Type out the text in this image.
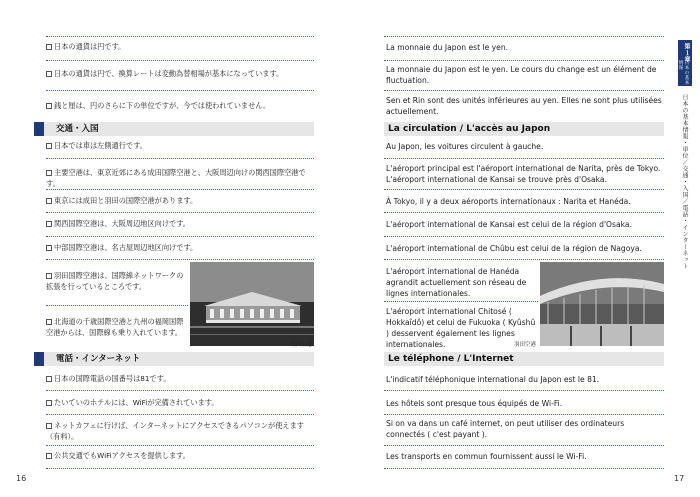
日本の通貨は円です。
日本の通貨は円で、換算レートは変動為替相場が基本になっています。
銭と厘は、円のさらに下の単位ですが、今では使われていません。
交通・入国
日本では車は左側通行です。
主要空港は、東京近郊にある成田国際空港と、大阪周辺向けの関西国際空港です。
東京には成田と羽田の国際空港があります。
関西国際空港は、大阪周辺地区向けです。
中部国際空港は、名古屋周辺地区向けです。
羽田国際空港は、国際線ネットワークの拡張を行っているところです。
北海道の千歳国際空港と九州の福岡国際空港からは、国際線も乗り入れています。
成田空港
電話・インターネット
日本の国際電話の国番号は81です。
たいていのホテルには、WiFiが完備されています。
ネットカフェに行けば、インターネットにアクセスできるパソコンが使えます（有料）。
公共交通でもWiFiアクセスを提供します。
16
La monnaie du Japon est le yen.
La monnaie du Japon est le yen. Le cours du change est un élément de fluctuation.
Sen et Rin sont des unités inférieures au yen. Elles ne sont plus utilisées actuellement.
La circulation / L'accès au Japon
Au Japon, les voitures circulent à gauche.
L'aéroport principal est l'aéroport international de Narita, près de Tokyo. L'aéroport international de Kansai se trouve près d'Osaka.
À Tokyo, il y a deux aéroports internationaux : Narita et Hanéda.
L'aéroport international de Kansai est celui de la région d'Osaka.
L'aéroport international de Chûbu est celui de la région de Nagoya.
L'aéroport international de Hanéda agrandit actuellement son réseau de lignes internationales.
L'aéroport international Chitosé ( Hokkaîdô) et celui de Fukuoka ( Kyûshû ) desservent également les lignes internationales.	羽田空港
Le téléphone / L'Internet
L'indicatif téléphonique international du Japon est le 81.
Les hôtels sont presque tous équipés de Wi-Fi.
Si on va dans un café internet, on peut utiliser des ordinateurs connectés ( c'est payant ).
Les transports en commun fournissent aussi le Wi-Fi.
17
第１章
日本の基本情報
日本の基本情報・単位／交通・入国／電話・インターネット
